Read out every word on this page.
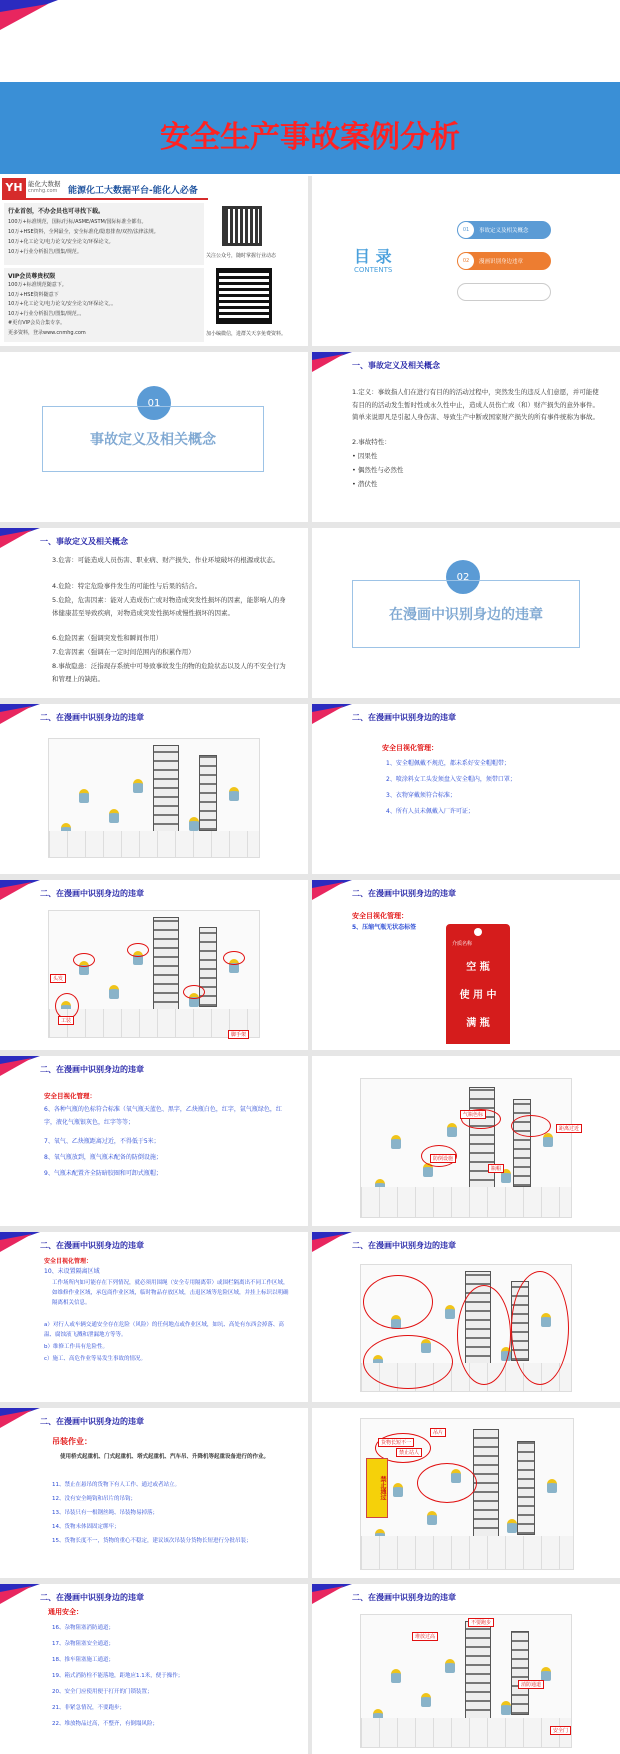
安全生产事故案例分析
YH 能化大数据
cnmhg.com 能源化工大数据平台-能化人必备
行业首创，不办会员也可寻找下载。
100万+标准规范，国标/行标/ASME/ASTM/国际标准全都有。
10万+HSE资料，全网最全，安全标准化/隐患排查/双控/法律法规。
10万+化工论文/电力论文/安全论文/环保论文。
10万+行业分析报告/图集/规范。
VIP会员尊贵权限
100万+标准规范随意下。
10万+HSE资料随意下
10万+化工论文/电力论文/安全论文/环保论文。。
10万+行业分析报告/图集/规范。。
#更有VIP会员合集专享。
更多资料，登录www.cnmhg.com
关注公众号，随时掌握行业动态
加小编微信，进群关天享免费资料。
目 录
CONTENTS
01	事故定义及相关概念
02	漫画识别身边违章
01
事故定义及相关概念
一、事故定义及相关概念
1.定义：事故指人们在进行有目的的活动过程中，突然发生的违反人们意愿，并可能使有目的的活动发生暂时性或永久性中止，造成人员伤亡或（和）财产损失的意外事件。简单来说即凡是引起人身伤害、导致生产中断或国家财产损失的所有事件统称为事故。
2.事故特性：
• 因果性
• 偶然性与必然性
• 潜伏性
一、事故定义及相关概念
3.危害：可能造成人员伤害、职业病、财产损失、作业环境破坏的根源或状态。
4.危险：特定危险事件发生的可能性与后果的结合。
5.危险，危害因素：能对人造成伤亡或对物造成突发性损坏的因素，能影响人的身体健康甚至导致疾病，对物造成突发性损坏或慢性损坏的因素。
6.危险因素（强调突发性和瞬间作用）
7.危害因素（强调在一定时间范围内的积累作用）
8.事故隐患：泛指现存系统中可导致事故发生的物的危险状态以及人的不安全行为和管理上的缺陷。
02
在漫画中识别身边的违章
二、在漫画中识别身边的违章	二、在漫画中识别身边的违章
安全目视化管理：
1、安全帽佩戴不规范，都未系好安全帽帽带；
2、喷涂料女工头发须盘入安全帽内，须带口罩；
3、衣物穿戴须符合标准；
4、所有人员未佩戴入厂许可证；
二、在漫画中识别身边的违章
头发
工装
脚手架
二、在漫画中识别身边的违章
安全目视化管理：
5、压缩气瓶无状态标签
介质名称
空 瓶
使 用 中
满 瓶
二、在漫画中识别身边的违章
安全目视化管理：
6、各种气瓶的色标符合标准（氧气瓶天蓝色、黑字，乙炔瓶白色，红字，氩气瓶绿色，红字，液化气瓶银灰色，红字等等；
7、氧气、乙炔瓶距离过近，不得低于5米；
8、氧气瓶放到，瓶气瓶未配备的防倒设施；
9、气瓶未配置齐全防暗胶圈和可卸式瓶帽；
气瓶色标
距离过近
防倒设施
瓶帽
二、在漫画中识别身边的违章
安全目视化管理：
10、未设置隔离区域
工作场所内如可能存在下列情况，就必须用围绳（安全专用隔离带）或围栏隔离出不同工作区域，如维修作业区域，承包商作业区域，临时物品存放区域，击退区域等危险区域，并挂上标识以明确隔离相关信息。
a）对行人或车辆交通安全存在危险（风险）的任何地点或作业区域，如坑、高处有东西会掉落、高温、腐蚀液飞溅和泄漏地方等等。
b）维修工作具有危险性。
c）施工、高危作业等易发生事故的情况。
二、在漫画中识别身边的违章
二、在漫画中识别身边的违章
吊装作业：
使用桥式起重机、门式起重机、塔式起重机、汽车吊、升降机等起重设备进行的作业。
11、禁止在悬吊的货物下有人工作、通过或者站立。
12、没有安全绳钩和吊片的吊钩；
13、吊装只有一根钢丝绳、吊装物易掉落；
14、货物未体固固定绑牢；
15、货物长度不一，货物的重心不稳定，建议该次吊装分货物长短进行分批吊装；
吊片
货物长短不一
禁止通过
禁止站人
二、在漫画中识别身边的违章
通用安全：
16、杂物阻塞消防通道；
17、杂物阻塞安全通道；
18、推车阻塞施工通道；
19、箱式消防栓不能落地，距地应1.1米，便于操作；
20、安全门应使用便于打开的门锁装置；
21、非紧急情况，不要跑步；
22、堆放物品过高，不整齐，有倒塌风险；
二、在漫画中识别身边的违章
不要跑步
堆放过高
消防通道
安全门
